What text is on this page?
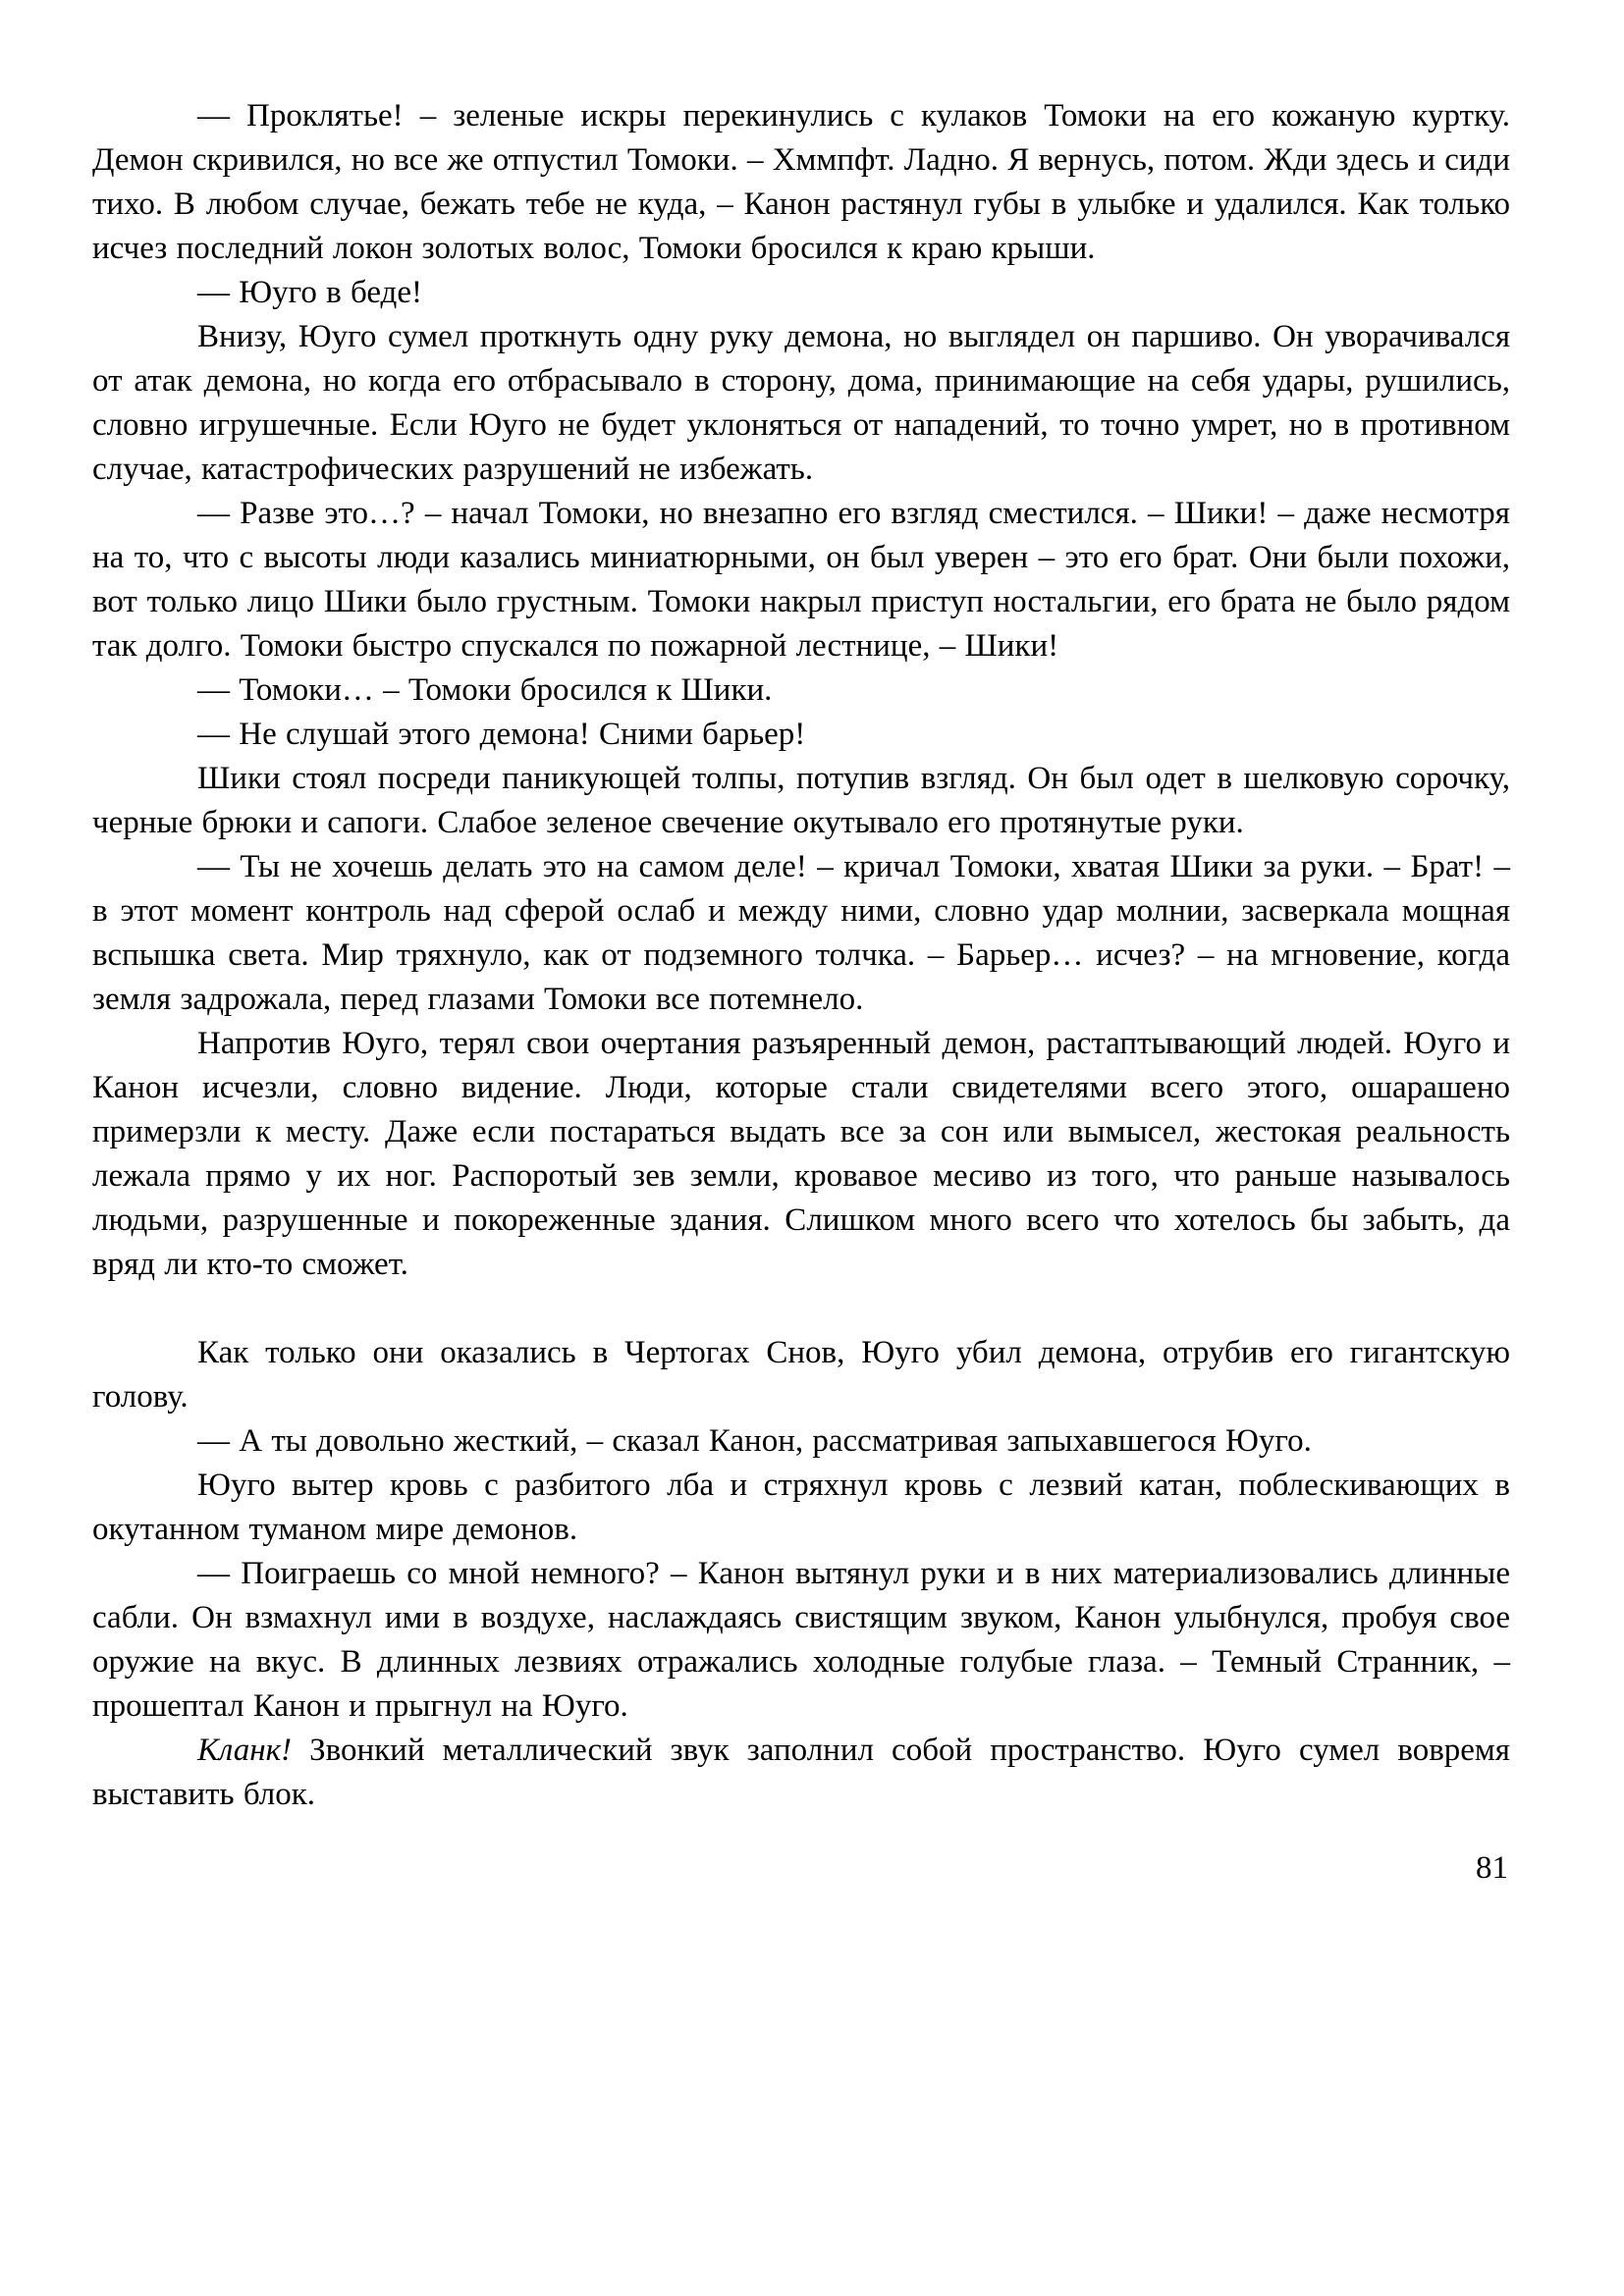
— Проклятье! – зеленые искры перекинулись с кулаков Томоки на его кожаную куртку. Демон скривился, но все же отпустил Томоки. – Хммпфт. Ладно. Я вернусь, потом. Жди здесь и сиди тихо. В любом случае, бежать тебе не куда, – Канон растянул губы в улыбке и удалился. Как только исчез последний локон золотых волос, Томоки бросился к краю крыши.

— Юуго в беде!

Внизу, Юуго сумел проткнуть одну руку демона, но выглядел он паршиво. Он уворачивался от атак демона, но когда его отбрасывало в сторону, дома, принимающие на себя удары, рушились, словно игрушечные. Если Юуго не будет уклоняться от нападений, то точно умрет, но в противном случае, катастрофических разрушений не избежать.

— Разве это…? – начал Томоки, но внезапно его взгляд сместился. – Шики! – даже несмотря на то, что с высоты люди казались миниатюрными, он был уверен – это его брат. Они были похожи, вот только лицо Шики было грустным. Томоки накрыл приступ ностальгии, его брата не было рядом так долго. Томоки быстро спускался по пожарной лестнице, – Шики!

— Томоки… – Томоки бросился к Шики.

— Не слушай этого демона! Сними барьер!

Шики стоял посреди паникующей толпы, потупив взгляд. Он был одет в шелковую сорочку, черные брюки и сапоги. Слабое зеленое свечение окутывало его протянутые руки.

— Ты не хочешь делать это на самом деле! – кричал Томоки, хватая Шики за руки. – Брат! – в этот момент контроль над сферой ослаб и между ними, словно удар молнии, засверкала мощная вспышка света. Мир тряхнуло, как от подземного толчка. – Барьер… исчез? – на мгновение, когда земля задрожала, перед глазами Томоки все потемнело.

Напротив Юуго, терял свои очертания разъяренный демон, растаптывающий людей. Юуго и Канон исчезли, словно видение. Люди, которые стали свидетелями всего этого, ошарашено примерзли к месту. Даже если постараться выдать все за сон или вымысел, жестокая реальность лежала прямо у их ног. Распоротый зев земли, кровавое месиво из того, что раньше называлось людьми, разрушенные и покореженные здания. Слишком много всего что хотелось бы забыть, да вряд ли кто-то сможет.

Как только они оказались в Чертогах Снов, Юуго убил демона, отрубив его гигантскую голову.

— А ты довольно жесткий, – сказал Канон, рассматривая запыхавшегося Юуго.

Юуго вытер кровь с разбитого лба и стряхнул кровь с лезвий катан, поблескивающих в окутанном туманом мире демонов.

— Поиграешь со мной немного? – Канон вытянул руки и в них материализовались длинные сабли. Он взмахнул ими в воздухе, наслаждаясь свистящим звуком, Канон улыбнулся, пробуя свое оружие на вкус. В длинных лезвиях отражались холодные голубые глаза. – Темный Странник, – прошептал Канон и прыгнул на Юуго.

Кланк! Звонкий металлический звук заполнил собой пространство. Юуго сумел вовремя выставить блок.

81
